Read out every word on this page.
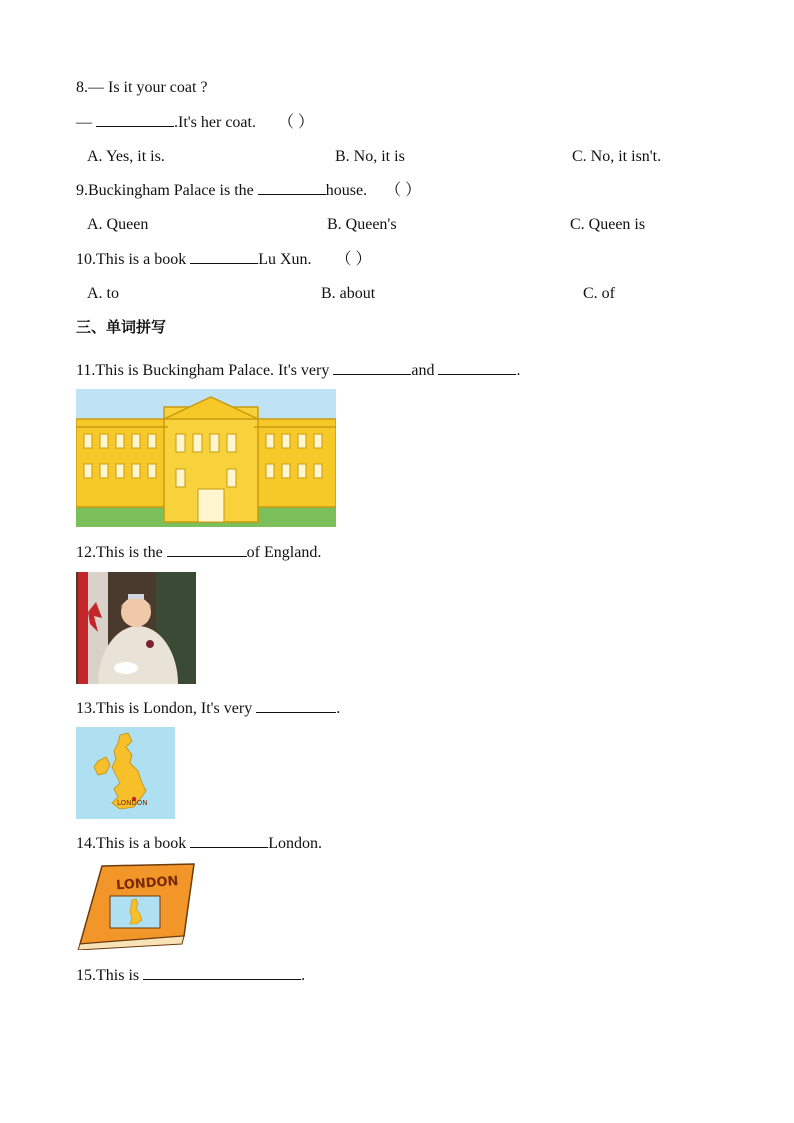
8.— Is it your coat ?
—	.It's her coat. （ ）
A. Yes, it is.	B. No, it is	C. No, it isn't.
9.Buckingham Palace is the	house. （ ）
A. Queen	B. Queen's	C. Queen is
10.This is a book	Lu Xun. （ ）
A. to	B. about	C. of
三、单词拼写
11.This is Buckingham Palace. It's very	and	.
12.This is the	of England.
13.This is London, It's very	.
LONDON
14.This is a book	London.
LONDON
15.This is	.
